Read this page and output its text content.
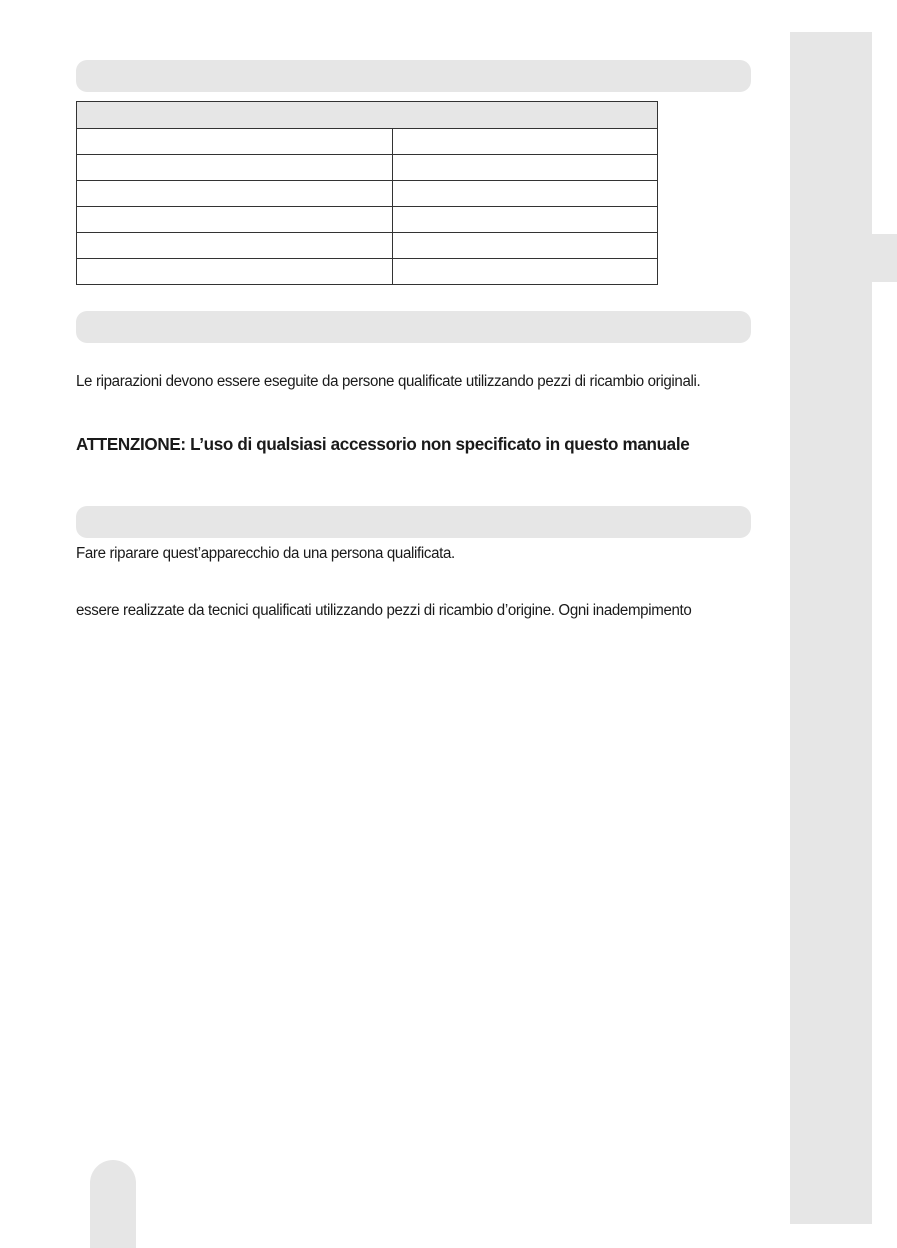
Le riparazioni devono essere eseguite da persone qualificate utilizzando pezzi di ricambio originali.
ATTENZIONE: L’uso di qualsiasi accessorio non specificato in questo manuale
Fare riparare quest’apparecchio da una persona qualificata.
essere realizzate da tecnici qualificati utilizzando pezzi di ricambio d’origine. Ogni inadempimento
